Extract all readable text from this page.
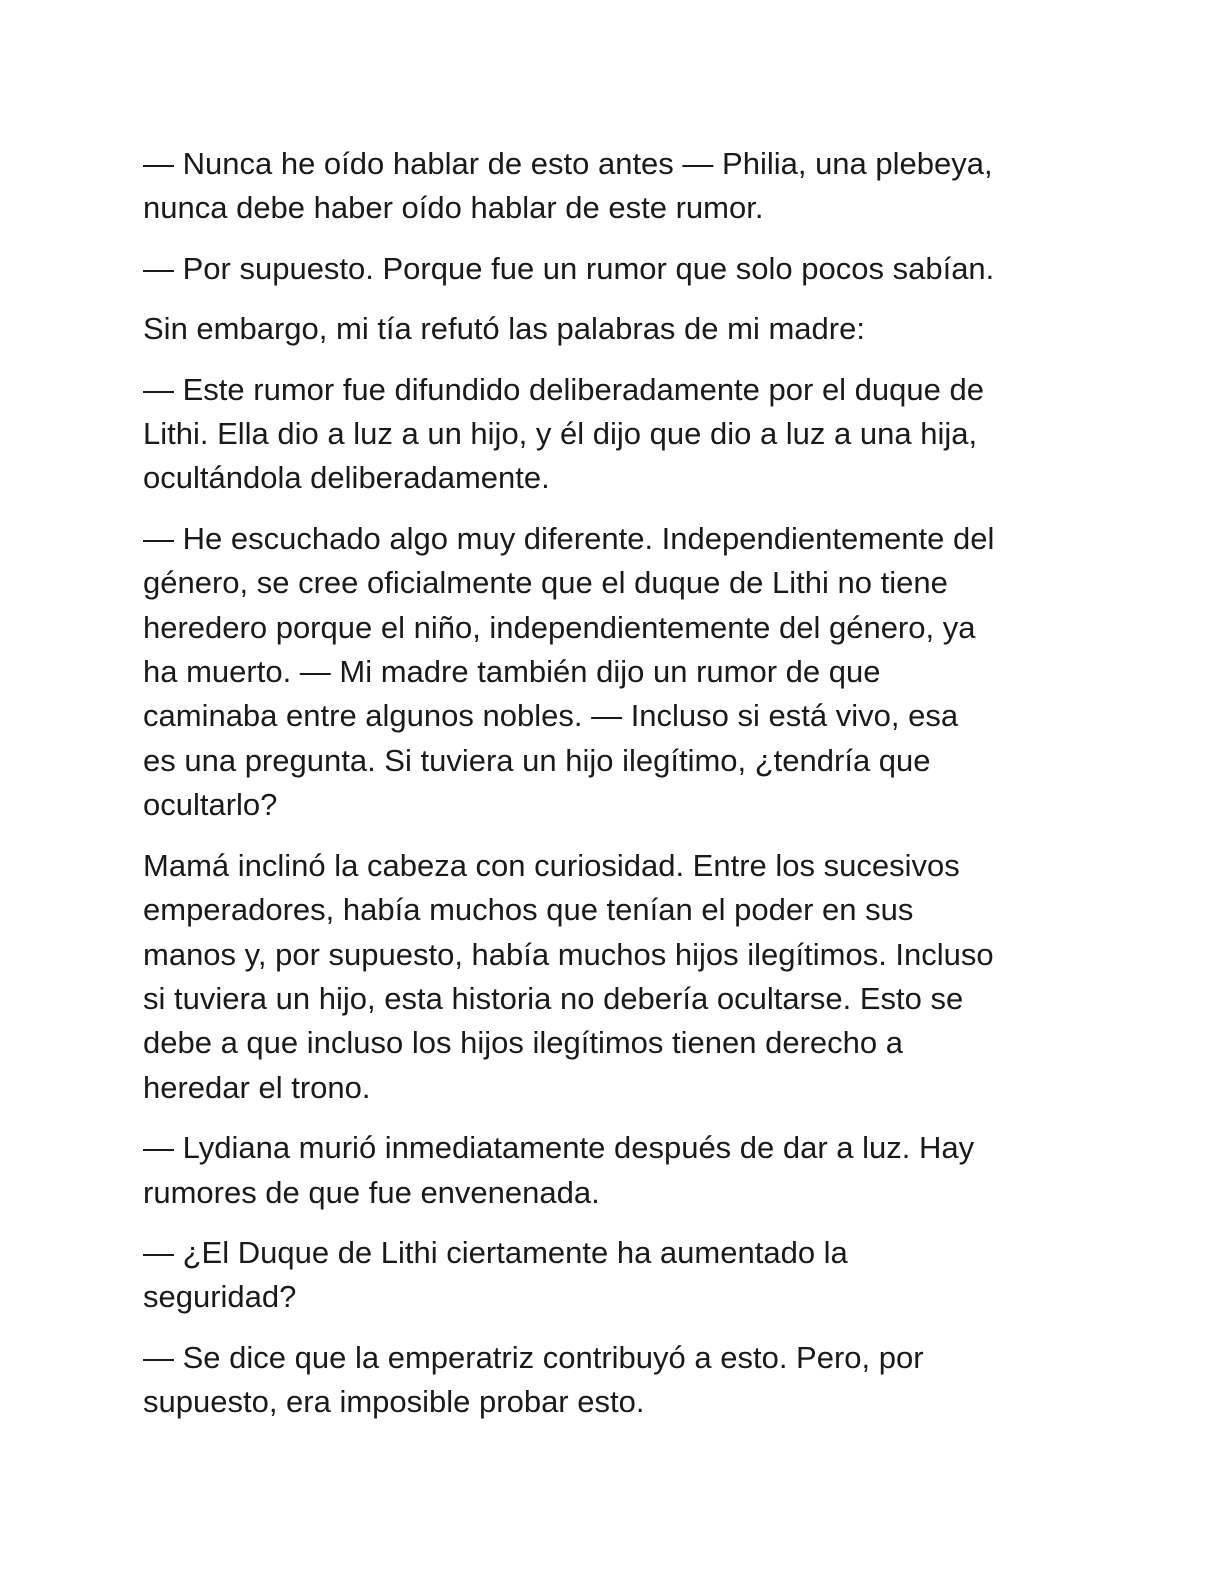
— Nunca he oído hablar de esto antes — Philia, una plebeya,
nunca debe haber oído hablar de este rumor.

— Por supuesto. Porque fue un rumor que solo pocos sabían.

Sin embargo, mi tía refutó las palabras de mi madre:

— Este rumor fue difundido deliberadamente por el duque de
Lithi. Ella dio a luz a un hijo, y él dijo que dio a luz a una hija,
ocultándola deliberadamente.

— He escuchado algo muy diferente. Independientemente del
género, se cree oficialmente que el duque de Lithi no tiene
heredero porque el niño, independientemente del género, ya
ha muerto. — Mi madre también dijo un rumor de que
caminaba entre algunos nobles. — Incluso si está vivo, esa
es una pregunta. Si tuviera un hijo ilegítimo, ¿tendría que
ocultarlo?

Mamá inclinó la cabeza con curiosidad. Entre los sucesivos
emperadores, había muchos que tenían el poder en sus
manos y, por supuesto, había muchos hijos ilegítimos. Incluso
si tuviera un hijo, esta historia no debería ocultarse. Esto se
debe a que incluso los hijos ilegítimos tienen derecho a
heredar el trono.

— Lydiana murió inmediatamente después de dar a luz. Hay
rumores de que fue envenenada.

— ¿El Duque de Lithi ciertamente ha aumentado la
seguridad?

— Se dice que la emperatriz contribuyó a esto. Pero, por
supuesto, era imposible probar esto.
